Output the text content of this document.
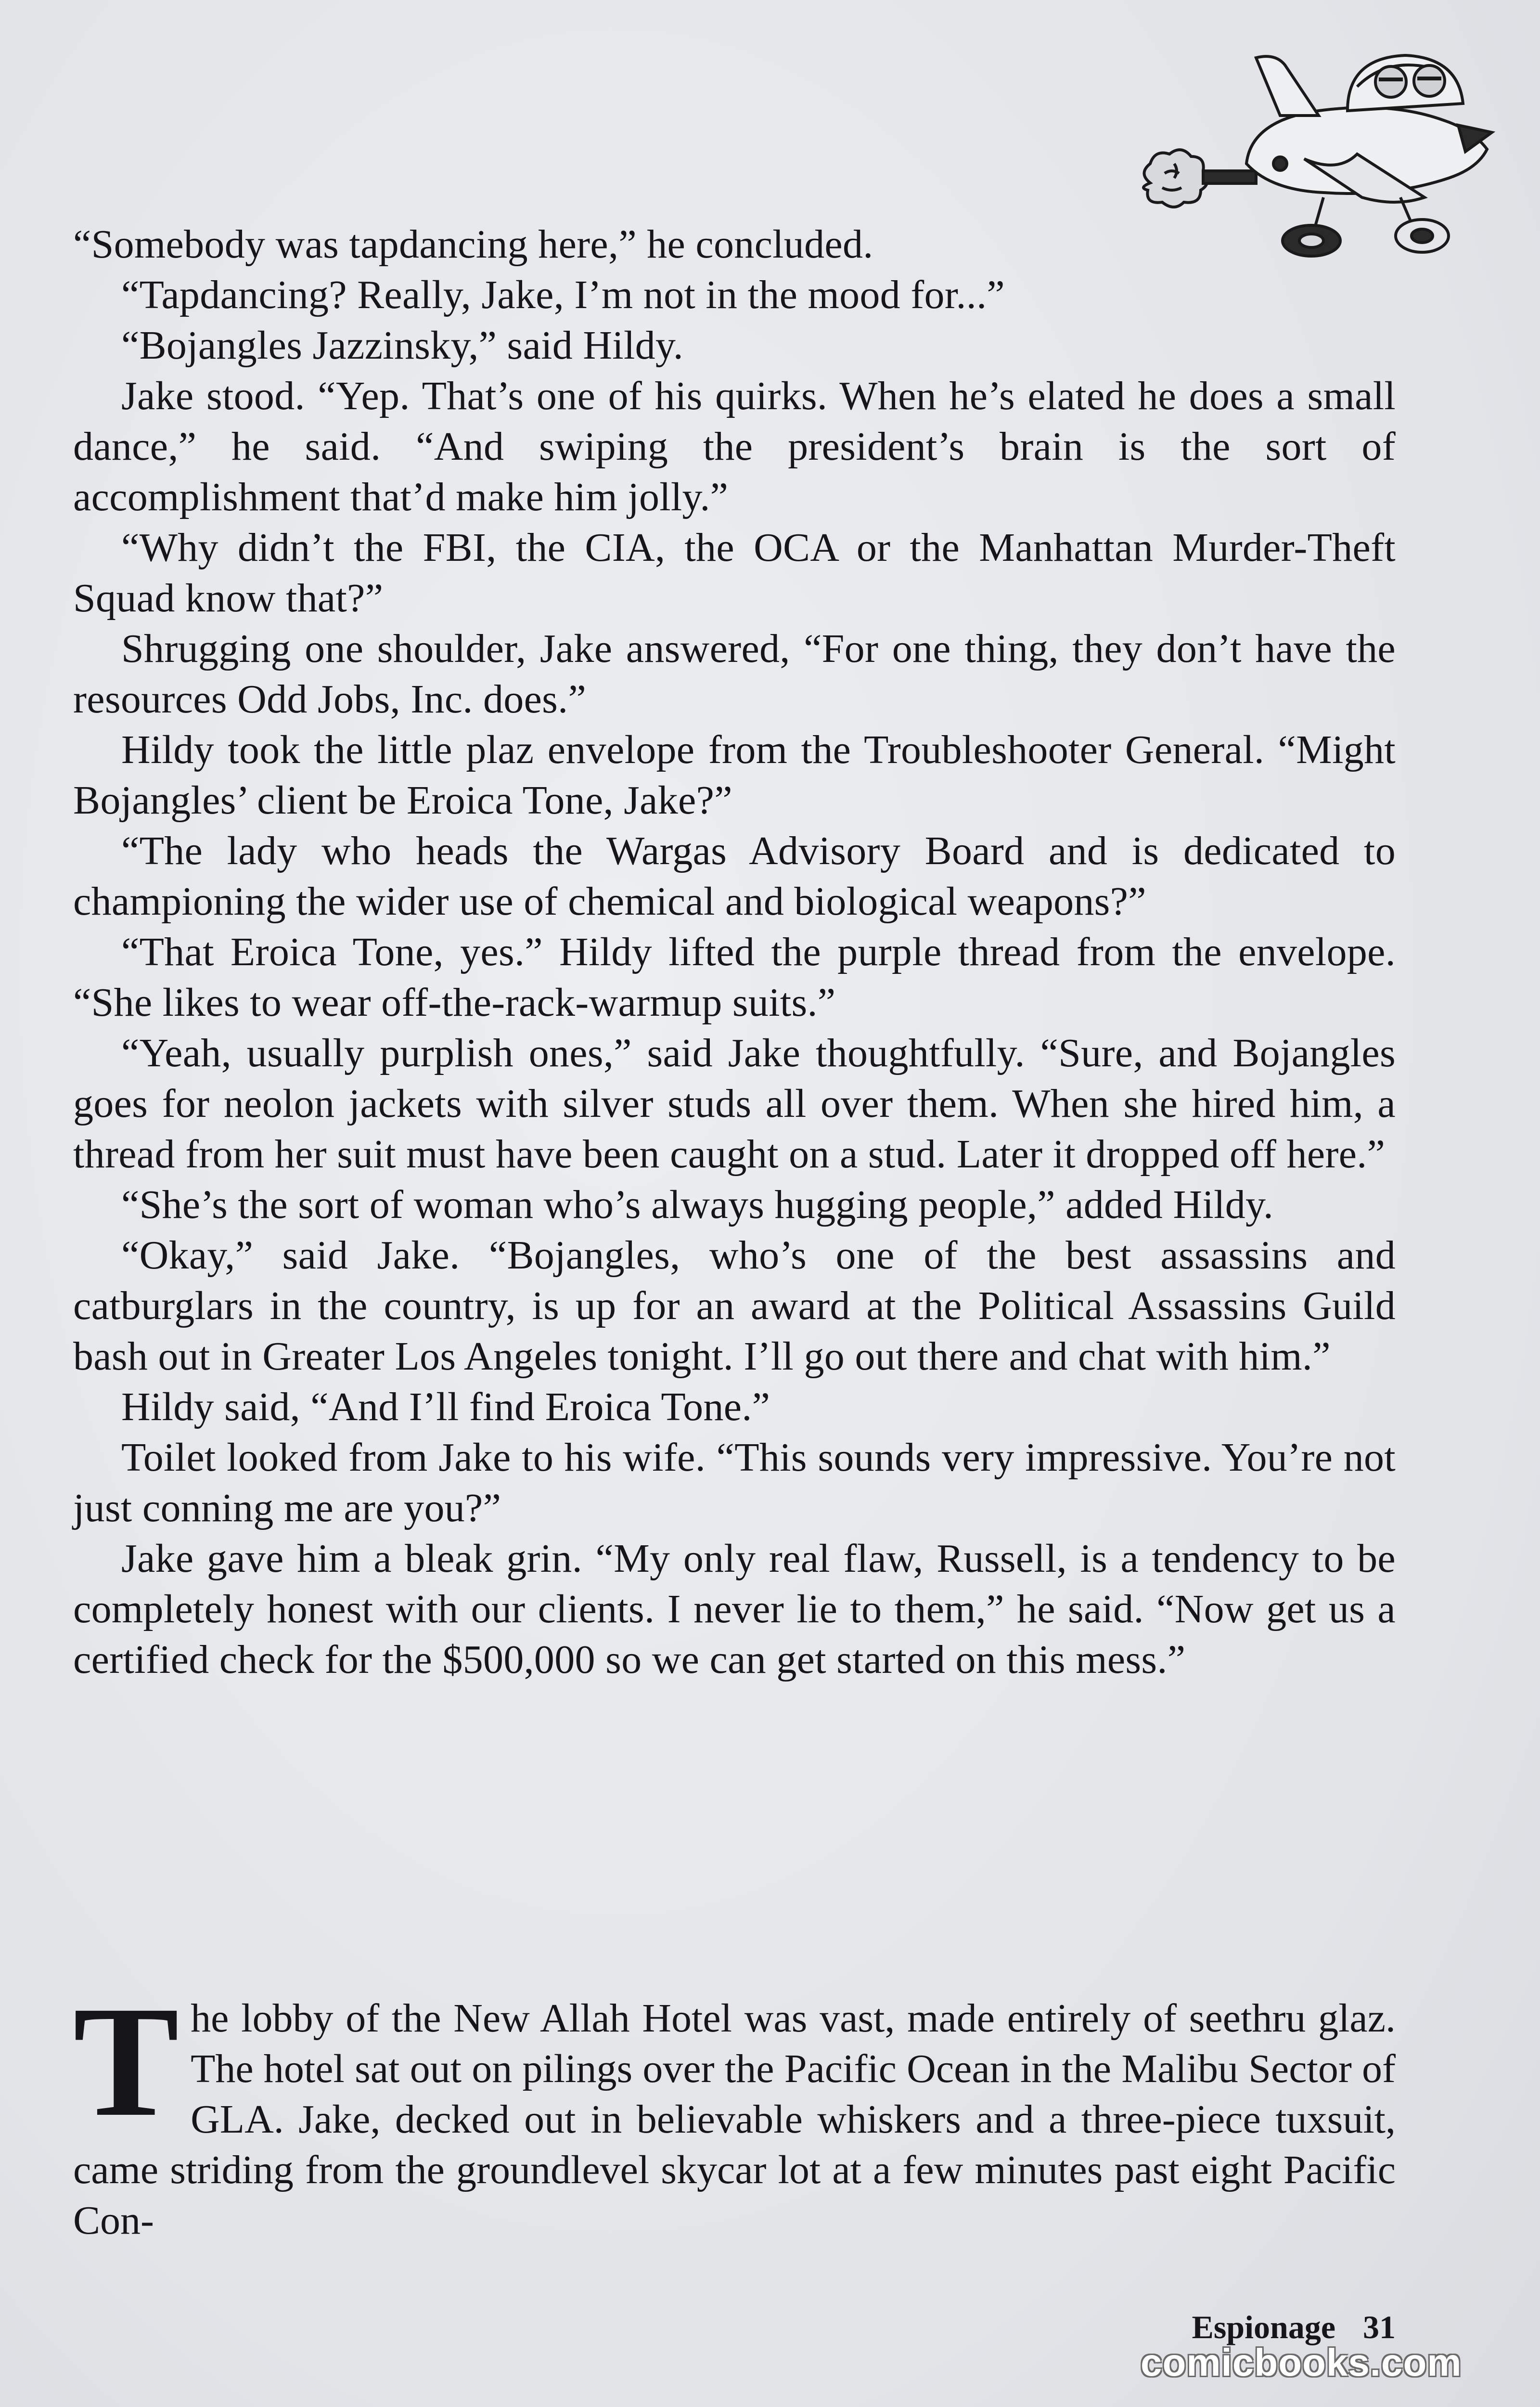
“Somebody was tapdancing here,” he concluded.

“Tapdancing? Really, Jake, I’m not in the mood for...”

“Bojangles Jazzinsky,” said Hildy.

Jake stood. “Yep. That’s one of his quirks. When he’s elated he does a small dance,” he said. “And swiping the president’s brain is the sort of accomplishment that’d make him jolly.”

“Why didn’t the FBI, the CIA, the OCA or the Manhattan Murder-Theft Squad know that?”

Shrugging one shoulder, Jake answered, “For one thing, they don’t have the resources Odd Jobs, Inc. does.”

Hildy took the little plaz envelope from the Troubleshooter General. “Might Bojangles’ client be Eroica Tone, Jake?”

“The lady who heads the Wargas Advisory Board and is dedicated to championing the wider use of chemical and biological weapons?”

“That Eroica Tone, yes.” Hildy lifted the purple thread from the envelope. “She likes to wear off-the-rack-warmup suits.”

“Yeah, usually purplish ones,” said Jake thoughtfully. “Sure, and Bojangles goes for neolon jackets with silver studs all over them. When she hired him, a thread from her suit must have been caught on a stud. Later it dropped off here.”

“She’s the sort of woman who’s always hugging people,” added Hildy.

“Okay,” said Jake. “Bojangles, who’s one of the best assassins and catburglars in the country, is up for an award at the Political Assassins Guild bash out in Greater Los Angeles tonight. I’ll go out there and chat with him.”

Hildy said, “And I’ll find Eroica Tone.”

Toilet looked from Jake to his wife. “This sounds very impressive. You’re not just conning me are you?”

Jake gave him a bleak grin. “My only real flaw, Russell, is a tendency to be completely honest with our clients. I never lie to them,” he said. “Now get us a certified check for the $500,000 so we can get started on this mess.”

T he lobby of the New Allah Hotel was vast, made entirely of seethru glaz. The hotel sat out on pilings over the Pacific Ocean in the Malibu Sector of GLA. Jake, decked out in believable whiskers and a three-piece tuxsuit, came striding from the groundlevel skycar lot at a few minutes past eight Pacific Con-

Espionage 31
comicbooks.com
